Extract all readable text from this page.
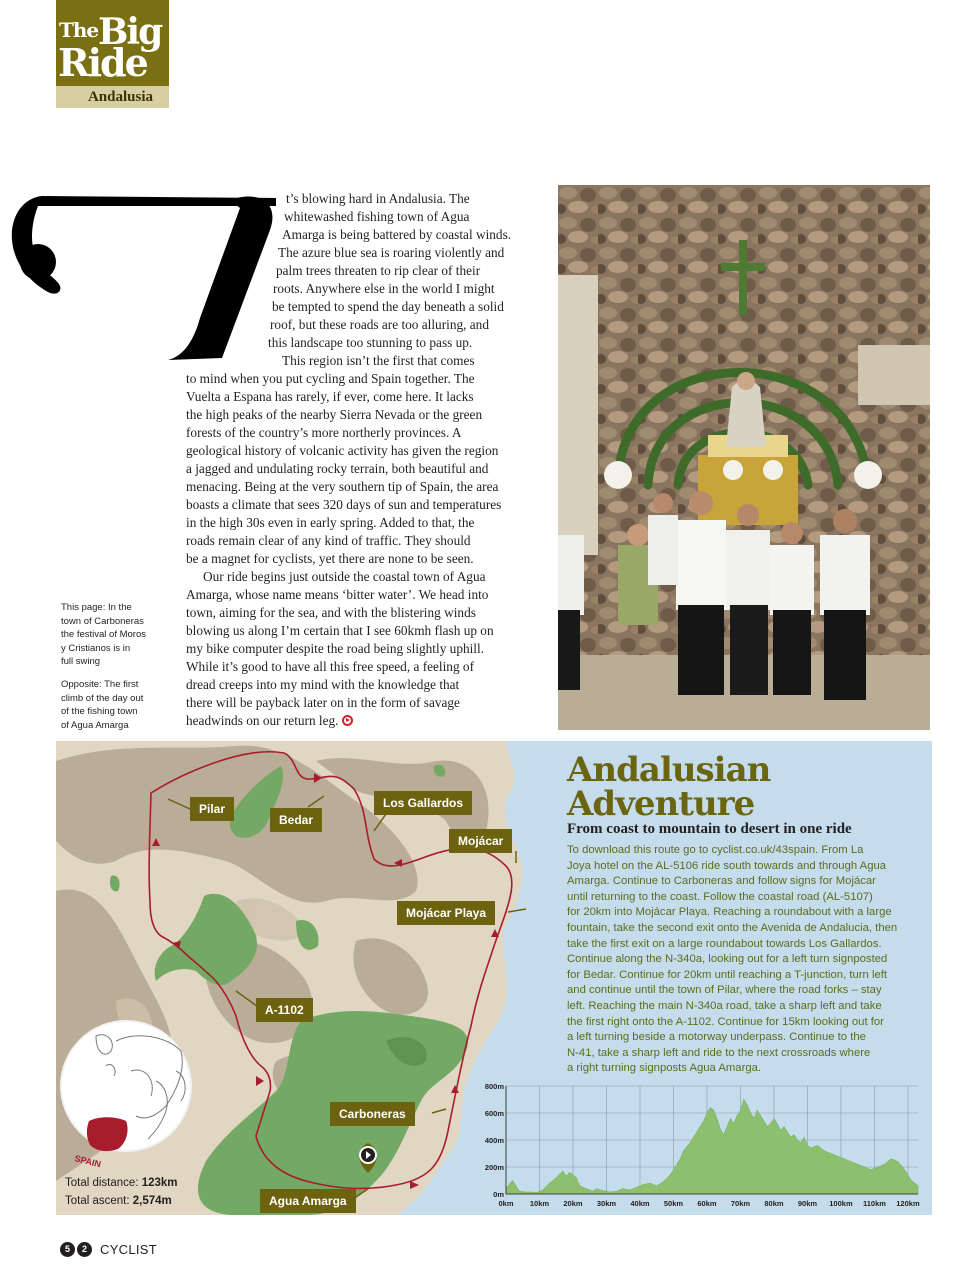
The Big
Ride
Andalusia
t’s blowing hard in Andalusia. The
whitewashed fishing town of Agua
Amarga is being battered by coastal winds.
The azure blue sea is roaring violently and
palm trees threaten to rip clear of their
roots. Anywhere else in the world I might
be tempted to spend the day beneath a solid
roof, but these roads are too alluring, and
this landscape too stunning to pass up.
This region isn’t the first that comes
to mind when you put cycling and Spain together. The
Vuelta a Espana has rarely, if ever, come here. It lacks
the high peaks of the nearby Sierra Nevada or the green
forests of the country’s more northerly provinces. A
geological history of volcanic activity has given the region
a jagged and undulating rocky terrain, both beautiful and
menacing. Being at the very southern tip of Spain, the area
boasts a climate that sees 320 days of sun and temperatures
in the high 30s even in early spring. Added to that, the
roads remain clear of any kind of traffic. They should
be a magnet for cyclists, yet there are none to be seen.
Our ride begins just outside the coastal town of Agua
Amarga, whose name means ‘bitter water’. We head into
town, aiming for the sea, and with the blistering winds
blowing us along I’m certain that I see 60kmh flash up on
my bike computer despite the road being slightly uphill.
While it’s good to have all this free speed, a feeling of
dread creeps into my mind with the knowledge that
there will be payback later on in the form of savage
headwinds on our return leg.
This page: In the
town of Carboneras
the festival of Moros
y Cristianos is in
full swing
Opposite: The first
climb of the day out
of the fishing town
of Agua Amarga
SPAIN
Pilar
Bedar
Los Gallardos
Mojácar
Mojácar Playa
A-1102
Carboneras
Agua Amarga
Total distance: 123km
Total ascent: 2,574m
Andalusian
Adventure
From coast to mountain to desert in one ride
To download this route go to cyclist.co.uk/43spain. From La
Joya hotel on the AL-5106 ride south towards and through Agua
Amarga. Continue to Carboneras and follow signs for Mojácar
until returning to the coast. Follow the coastal road (AL-5107)
for 20km into Mojácar Playa. Reaching a roundabout with a large
fountain, take the second exit onto the Avenida de Andalucia, then
take the first exit on a large roundabout towards Los Gallardos.
Continue along the N-340a, looking out for a left turn signposted
for Bedar. Continue for 20km until reaching a T-junction, turn left
and continue until the town of Pilar, where the road forks – stay
left. Reaching the main N-340a road, take a sharp left and take
the first right onto the A-1102. Continue for 15km looking out for
a left turning beside a motorway underpass. Continue to the
N-41, take a sharp left and ride to the next crossroads where
a right turning signposts Agua Amarga.
0m
200m
400m
600m
800m
0km 10km 20km 30km 40km 50km 60km 70km 80km 90km 100km 110km 120km
5	2	CYCLIST
